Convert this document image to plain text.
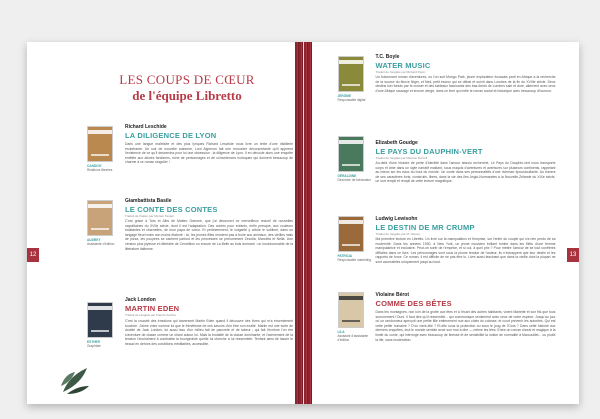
12
LES COUPS DE CŒUR
de l'équipe Libretto
CANDICE
Relations libraires
Richard Leschide
LA DILIGENCE DE LYON
Dans une langue maîtrisée et des plus lyriques Richard Leschide nous livre un texte d'une distillerie exubérante. Un soir de nouvelle automne, Lord Algernon fait une rencontre déconcertante qu'il apprend l'existence de ce qu'il descendra pour lui une obsession : la diligence de Lyon. Il en découle alors une enquête entêtée aux allures fantômes, riche de personnages et de coïncidences loufoques qui donnent beaucoup de charme à ce roman singulier !
AUDREY
Assistante d'édition
Giambattista Basile
LE CONTE DES CONTES
Traduit de l'italien par Myriam Tanant
C'est grâce à Toto et Albs de Matteo Garrone, que j'ai découvert ce merveilleux recueil de nouvelles napolitaines du XVIIe siècle, dont il est l'adaptation. Des contes pour enfants, enfin presque, aux couleurs éclatantes et charnelles, de mon papa de coeur. Et pertinemment, le vulgarité y côtoie le sublime, dans un langage fleuri mais non moins élaboré : ici, les jeunes filles mordent pas à boire aux animaux, des vieilles mais de pizza, les poupées se cachent partout et les princesses se prénomment Zezolla, Marcella et Nella. Une version plus joyeuse et débridée de Cendrillon ou encore de La Belle au bois dormant : un incontournable de la littérature italienne.
ESTHER
Graphiste
Jack London
MARTIN EDEN
Traduit de l'anglais par Francis Kerline
C'est la cruauté des émotions qui traversent Martin Eden quand il découvre des livres qui m'a énormément touchée. J'aime votre comme lui que le frénétisme de ces savoirs d'en être non exalté. Martin est une sorte de double de Jack London, lui aussi issu d'un milieu fait de pauvreté et de labeur ; qui fait l'écriture l'on ère s'aventure de classe comme un chant autour lui. Mais la brutalité de la classe dominante, et l'avènement de la tension l'enchaînent à combattre la bourgeoisie qu'elle lui cherche à lui ressembler. Tentant ainsi de lasser le beaud en dehors des conditions méditables, accessible.
13
JÉRÔME
Responsable digital
T.C. Boyle
WATER MUSIC
Traduit de l'anglais par Richard Pépin
Un foisonnant roman d'aventures, où l'on suit Mungo Park, jeune explorateur écossais parti en Afrique à la recherche de la source du fleuve Niger, et Ned, petit escroc qui se débat et survit dans Londres de la fin du XVIIIe siècle. Deux destins loin fortuis par le croiser et des tableaux fascinants des bas-fonds de Londres sale et dure, alternent avec ceux d'une Afrique sauvage et encore vierge, dans ce livre qui mêle le roman social et historique avec beaucoup d'humour.
GÉRALDINE
Directrice de fabrication
Elizabeth Goudge
LE PAYS DU DAUPHIN-VERT
Traduit de l'anglais par Maxime Dorvell
Au-delà d'une histoire de perte d'identité dans l'amour absolu recherché, Le Pays du Dauphin-vert nous transporte corps et âme dans un style narratif exaltant, sous maquis d'aventures et aventures sur plusieurs continents, rappelant au mieux sur les eaux du bout du monde. Un conte dans ses personnalités d'une richesse époustouflante. Au travers de ses caractères forts, construits, libres, dans la vie des îles Anglo-Normandes à la Nouvelle-Zélande du XIXe siècle, un sort rempli et rempli de cette lecture magnifique.
PATRICIA
Responsable marketing
Ludwig Lewisohn
LE DESTIN DE MR CRUMP
Traduit de l'anglais par M. Dantey
Ma première lecture en Libretto. Un livre sur la manipulation et l'emprise, sur l'enfer du couple qui n'a rien perdu de sa modernité. Dans les années 1930, à New York, un jeune musicien brillant tombe dans les filets d'une femme manipulatrice et exclusive. Peut-on sortir de l'emprise, et si oui, à quel prix ? Pour mettre l'amour de se tout confrères difficiles dans ce livre. Les personnages sont sous la plume tendue de l'auteur, ils n'échappent que leur destin et les rapports de force. Ce roman, il est difficile de ne pas être lu. Livre aussi fascinant que dans la vieille dont la plupart ne sont accessibles uniquement jusqu'au bout.
LILA
Assistant d'assistante d'édition
Violaine Bérot
COMME DES BÊTES
Dans les montagnes, non loin de la grotte aux fées et à l'écart des autres habitants, vivent Mariette et son fils que tous surnomment l'Ours. Il faut dire qu'il ressemble... qui communique seulement avec ceux de notre espèce. Jusqu'au jour où un randonneur aperçoit une petite fille entièrement nue aux côtés du colosse, et court prévenir les autorités. Qui est cette petite humaine ? D'où vient-elle ? Et-elle sous la protection ou sous le joug de l'Ours ? Dans cette histoire aux derniers enquêtes, tout le monde semble avoir son mot à dire — même les fées. Entre un roman choral et magique à la limite du conte, qui interroge avec beaucoup de finesse et de sensibilité la notion de normalité à Marcouillet... ou plutôt la life, sans modération.
